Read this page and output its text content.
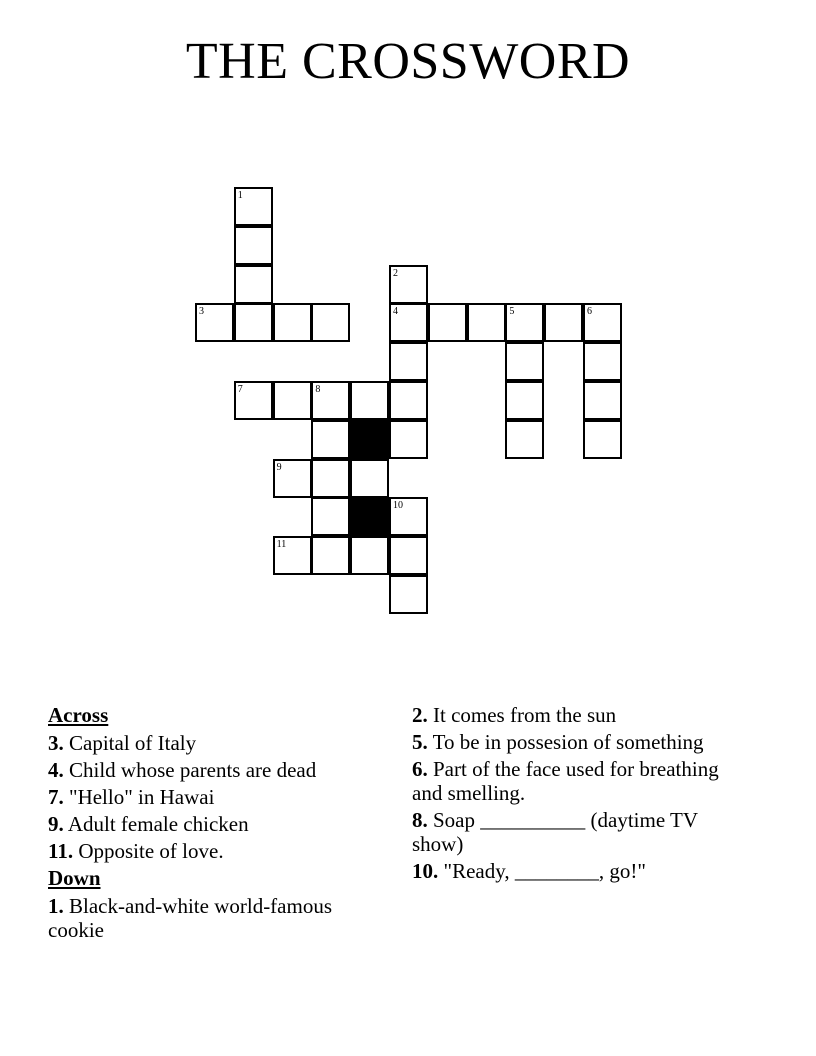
THE CROSSWORD
1
2
3	4	5	6
7	8
9
10
11
Across
3. Capital of Italy
4. Child whose parents are dead
7. "Hello" in Hawai
9. Adult female chicken
11. Opposite of love.
Down
1. Black-and-white world-famous cookie
2. It comes from the sun
5. To be in possesion of something
6. Part of the face used for breathing and smelling.
8. Soap __________ (daytime TV show)
10. "Ready, ________, go!"
